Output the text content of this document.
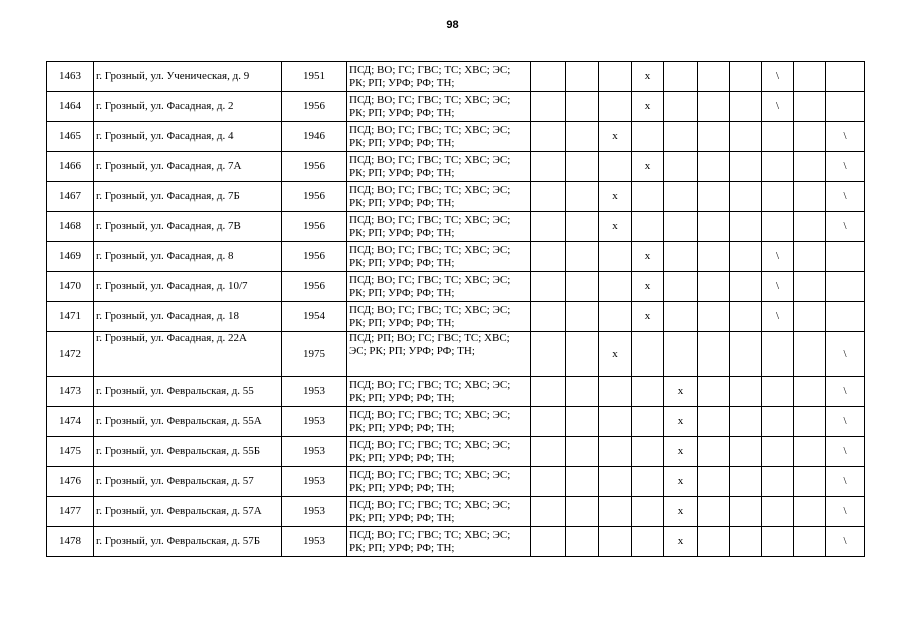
98
1463	г. Грозный, ул. Ученическая, д. 9	1951	ПСД; ВО; ГС; ГВС; ТС; ХВС; ЭС; РК; РП; УРФ; РФ; ТН;				x				\		
1464	г. Грозный, ул. Фасадная, д. 2	1956	ПСД; ВО; ГС; ГВС; ТС; ХВС; ЭС; РК; РП; УРФ; РФ; ТН;				x				\		
1465	г. Грозный, ул. Фасадная, д. 4	1946	ПСД; ВО; ГС; ГВС; ТС; ХВС; ЭС; РК; РП; УРФ; РФ; ТН;			x							\
1466	г. Грозный, ул. Фасадная, д. 7А	1956	ПСД; ВО; ГС; ГВС; ТС; ХВС; ЭС; РК; РП; УРФ; РФ; ТН;				x						\
1467	г. Грозный, ул. Фасадная, д. 7Б	1956	ПСД; ВО; ГС; ГВС; ТС; ХВС; ЭС; РК; РП; УРФ; РФ; ТН;			x							\
1468	г. Грозный, ул. Фасадная, д. 7В	1956	ПСД; ВО; ГС; ГВС; ТС; ХВС; ЭС; РК; РП; УРФ; РФ; ТН;			x							\
1469	г. Грозный, ул. Фасадная, д. 8	1956	ПСД; ВО; ГС; ГВС; ТС; ХВС; ЭС; РК; РП; УРФ; РФ; ТН;				x				\		
1470	г. Грозный, ул. Фасадная, д. 10/7	1956	ПСД; ВО; ГС; ГВС; ТС; ХВС; ЭС; РК; РП; УРФ; РФ; ТН;				x				\		
1471	г. Грозный, ул. Фасадная, д. 18	1954	ПСД; ВО; ГС; ГВС; ТС; ХВС; ЭС; РК; РП; УРФ; РФ; ТН;				x				\		
1472	г. Грозный, ул. Фасадная, д. 22А	1975	ПСД; РП; ВО; ГС; ГВС; ТС; ХВС; ЭС; РК; РП; УРФ; РФ; ТН;			x							\
1473	г. Грозный, ул. Февральская, д. 55	1953	ПСД; ВО; ГС; ГВС; ТС; ХВС; ЭС; РК; РП; УРФ; РФ; ТН;					x					\
1474	г. Грозный, ул. Февральская, д. 55А	1953	ПСД; ВО; ГС; ГВС; ТС; ХВС; ЭС; РК; РП; УРФ; РФ; ТН;					x					\
1475	г. Грозный, ул. Февральская, д. 55Б	1953	ПСД; ВО; ГС; ГВС; ТС; ХВС; ЭС; РК; РП; УРФ; РФ; ТН;					x					\
1476	г. Грозный, ул. Февральская, д. 57	1953	ПСД; ВО; ГС; ГВС; ТС; ХВС; ЭС; РК; РП; УРФ; РФ; ТН;					x					\
1477	г. Грозный, ул. Февральская, д. 57А	1953	ПСД; ВО; ГС; ГВС; ТС; ХВС; ЭС; РК; РП; УРФ; РФ; ТН;					x					\
1478	г. Грозный, ул. Февральская, д. 57Б	1953	ПСД; ВО; ГС; ГВС; ТС; ХВС; ЭС; РК; РП; УРФ; РФ; ТН;					x					\
